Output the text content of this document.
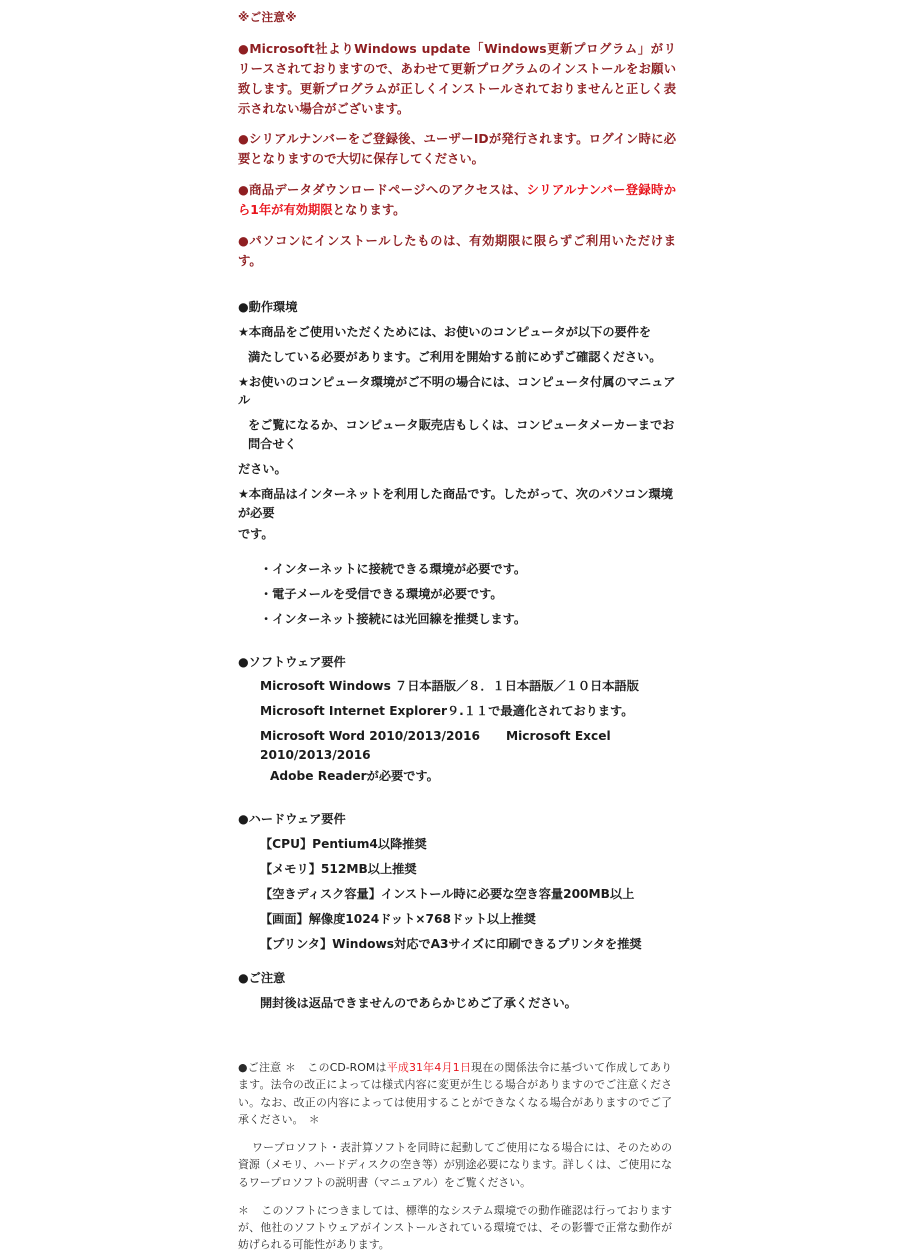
※ご注意※
●Microsoft社よりWindows update「Windows更新プログラム」がリリースされておりますので、あわせて更新プログラムのインストールをお願い致します。更新プログラムが正しくインストールされておりませんと正しく表示されない場合がございます。
●シリアルナンバーをご登録後、ユーザーIDが発行されます。ログイン時に必要となりますので大切に保存してください。
●商品データダウンロードページへのアクセスは、シリアルナンバー登録時から1年が有効期限となります。
●パソコンにインストールしたものは、有効期限に限らずご利用いただけます。
●動作環境
★本商品をご使用いただくためには、お使いのコンピュータが以下の要件を
満たしている必要があります。ご利用を開始する前にめずご確認ください。
★お使いのコンピュータ環境がご不明の場合には、コンピュータ付属のマニュアル
をご覧になるか、コンピュータ販売店もしくは、コンピュータメーカーまでお問合せく
ださい。
★本商品はインターネットを利用した商品です。したがって、次のパソコン環境が必要
です。
・インターネットに接続できる環境が必要です。
・電子メールを受信できる環境が必要です。
・インターネット接続には光回線を推奨します。
●ソフトウェア要件
Microsoft Windows ７日本語版／８．１日本語版／１０日本語版
Microsoft Internet Explorer９.１１で最適化されております。
Microsoft Word 2010/2013/2016 Microsoft Excel 2010/2013/2016
Adobe Readerが必要です。
●ハードウェア要件
【CPU】Pentium4以降推奨
【メモリ】512MB以上推奨
【空きディスク容量】インストール時に必要な空き容量200MB以上
【画面】解像度1024ドット×768ドット以上推奨
【プリンタ】Windows対応でA3サイズに印刷できるプリンタを推奨
●ご注意
開封後は返品できませんのであらかじめご了承ください。
●ご注意 ＊　このCD-ROMは平成31年4月1日現在の関係法令に基づいて作成してあります。法令の改正によっては様式内容に変更が生じる場合がありますのでご注意ください。なお、改正の内容によっては使用することができなくなる場合がありますのでご了承ください。　＊
ワープロソフト・表計算ソフトを同時に起動してご使用になる場合には、そのための資源（メモリ、ハードディスクの空き等）が別途必要になります。詳しくは、ご使用になるワープロソフトの説明書（マニュアル）をご覧ください。
＊ このソフトにつきましては、標準的なシステム環境での動作確認は行っておりますが、他社のソフトウェアがインストールされている環境では、その影響で正常な動作が妨げられる可能性があります。
